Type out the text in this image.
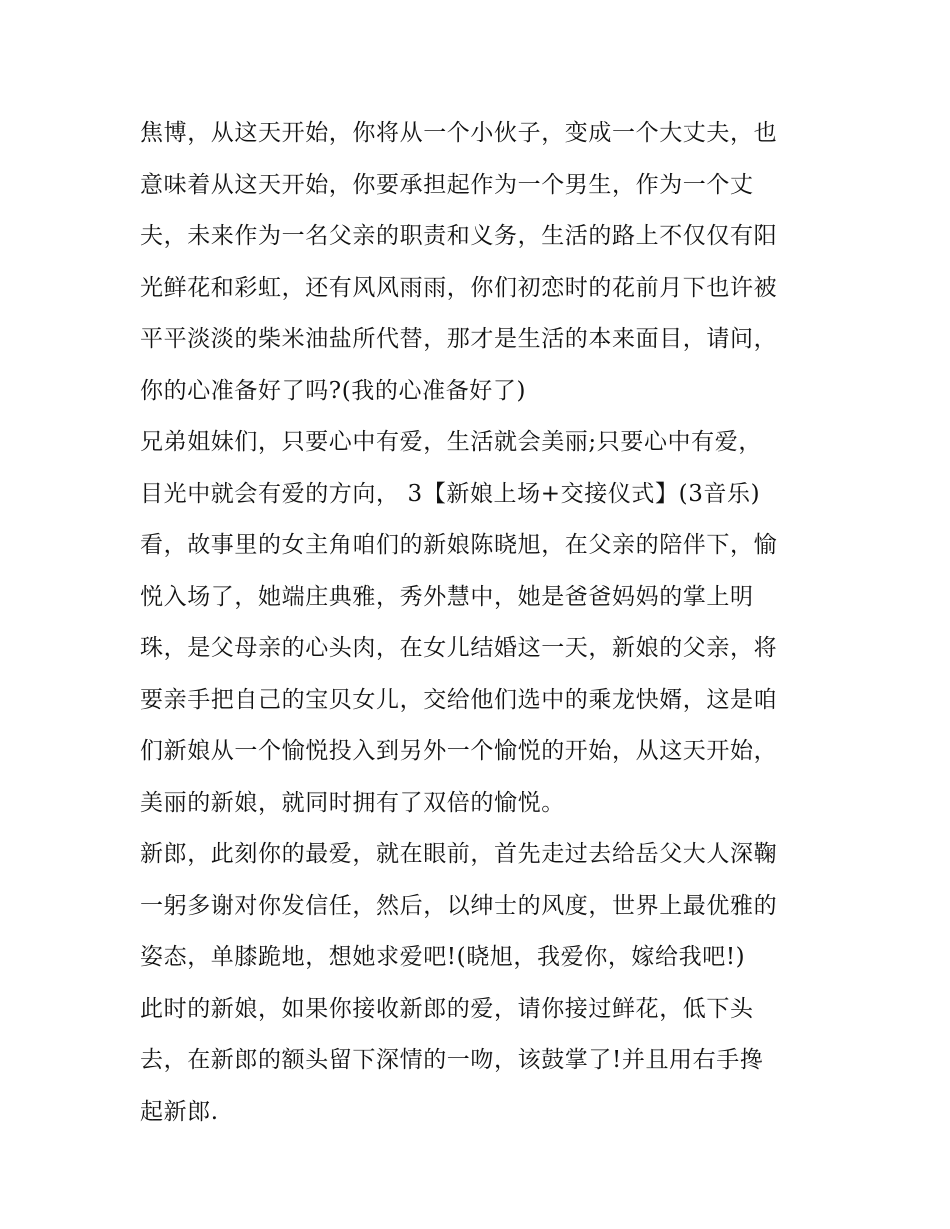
焦博，从这天开始，你将从一个小伙子，变成一个大丈夫，也
意味着从这天开始，你要承担起作为一个男生，作为一个丈
夫，未来作为一名父亲的职责和义务，生活的路上不仅仅有阳
光鲜花和彩虹，还有风风雨雨，你们初恋时的花前月下也许被
平平淡淡的柴米油盐所代替，那才是生活的本来面目，请问，
你的心准备好了吗?(我的心准备好了)
兄弟姐妹们，只要心中有爱，生活就会美丽;只要心中有爱，
目光中就会有爱的方向， 3【新娘上场+交接仪式】(3音乐)
看，故事里的女主角咱们的新娘陈晓旭，在父亲的陪伴下，愉
悦入场了，她端庄典雅，秀外慧中，她是爸爸妈妈的掌上明
珠，是父母亲的心头肉，在女儿结婚这一天，新娘的父亲，将
要亲手把自己的宝贝女儿，交给他们选中的乘龙快婿，这是咱
们新娘从一个愉悦投入到另外一个愉悦的开始，从这天开始，
美丽的新娘，就同时拥有了双倍的愉悦。
新郎，此刻你的最爱，就在眼前，首先走过去给岳父大人深鞠
一躬多谢对你发信任，然后，以绅士的风度，世界上最优雅的
姿态，单膝跪地，想她求爱吧!(晓旭，我爱你，嫁给我吧!)
此时的新娘，如果你接收新郎的爱，请你接过鲜花，低下头
去，在新郎的额头留下深情的一吻，该鼓掌了!并且用右手搀
起新郎.
